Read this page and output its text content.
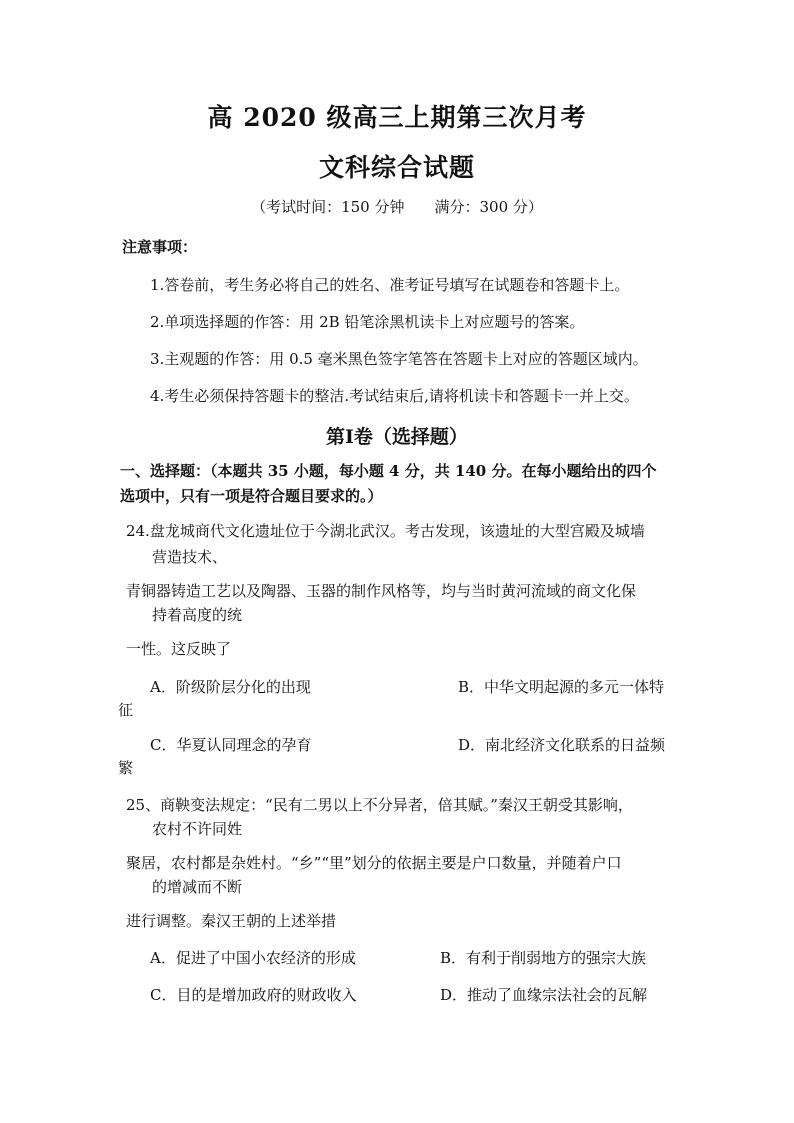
高 2020 级高三上期第三次月考
文科综合试题
（考试时间：150 分钟　　满分：300 分）
注意事项：
1.答卷前，考生务必将自己的姓名、准考证号填写在试题卷和答题卡上。
2.单项选择题的作答：用 2B 铅笔涂黑机读卡上对应题号的答案。
3.主观题的作答：用 0.5 毫米黑色签字笔答在答题卡上对应的答题区域内。
4.考生必须保持答题卡的整洁.考试结束后,请将机读卡和答题卡一并上交。
第Ⅰ卷（选择题）
一、选择题：（本题共 35 小题，每小题 4 分，共 140 分。在每小题给出的四个
选项中，只有一项是符合题目要求的。）
24.盘龙城商代文化遗址位于今湖北武汉。考古发现，该遗址的大型宫殿及城墙
营造技术、
青铜器铸造工艺以及陶器、玉器的制作风格等，均与当时黄河流域的商文化保
持着高度的统
一性。这反映了
A．阶级阶层分化的出现	B．中华文明起源的多元一体特
征
C．华夏认同理念的孕育	D．南北经济文化联系的日益频
繁
25、商鞅变法规定：“民有二男以上不分异者，倍其赋。”秦汉王朝受其影响，
农村不许同姓
聚居，农村都是杂姓村。“乡”“里”划分的依据主要是户口数量，并随着户口
的增减而不断
进行调整。秦汉王朝的上述举措
A．促进了中国小农经济的形成	B．有利于削弱地方的强宗大族
C．目的是增加政府的财政收入	D．推动了血缘宗法社会的瓦解
